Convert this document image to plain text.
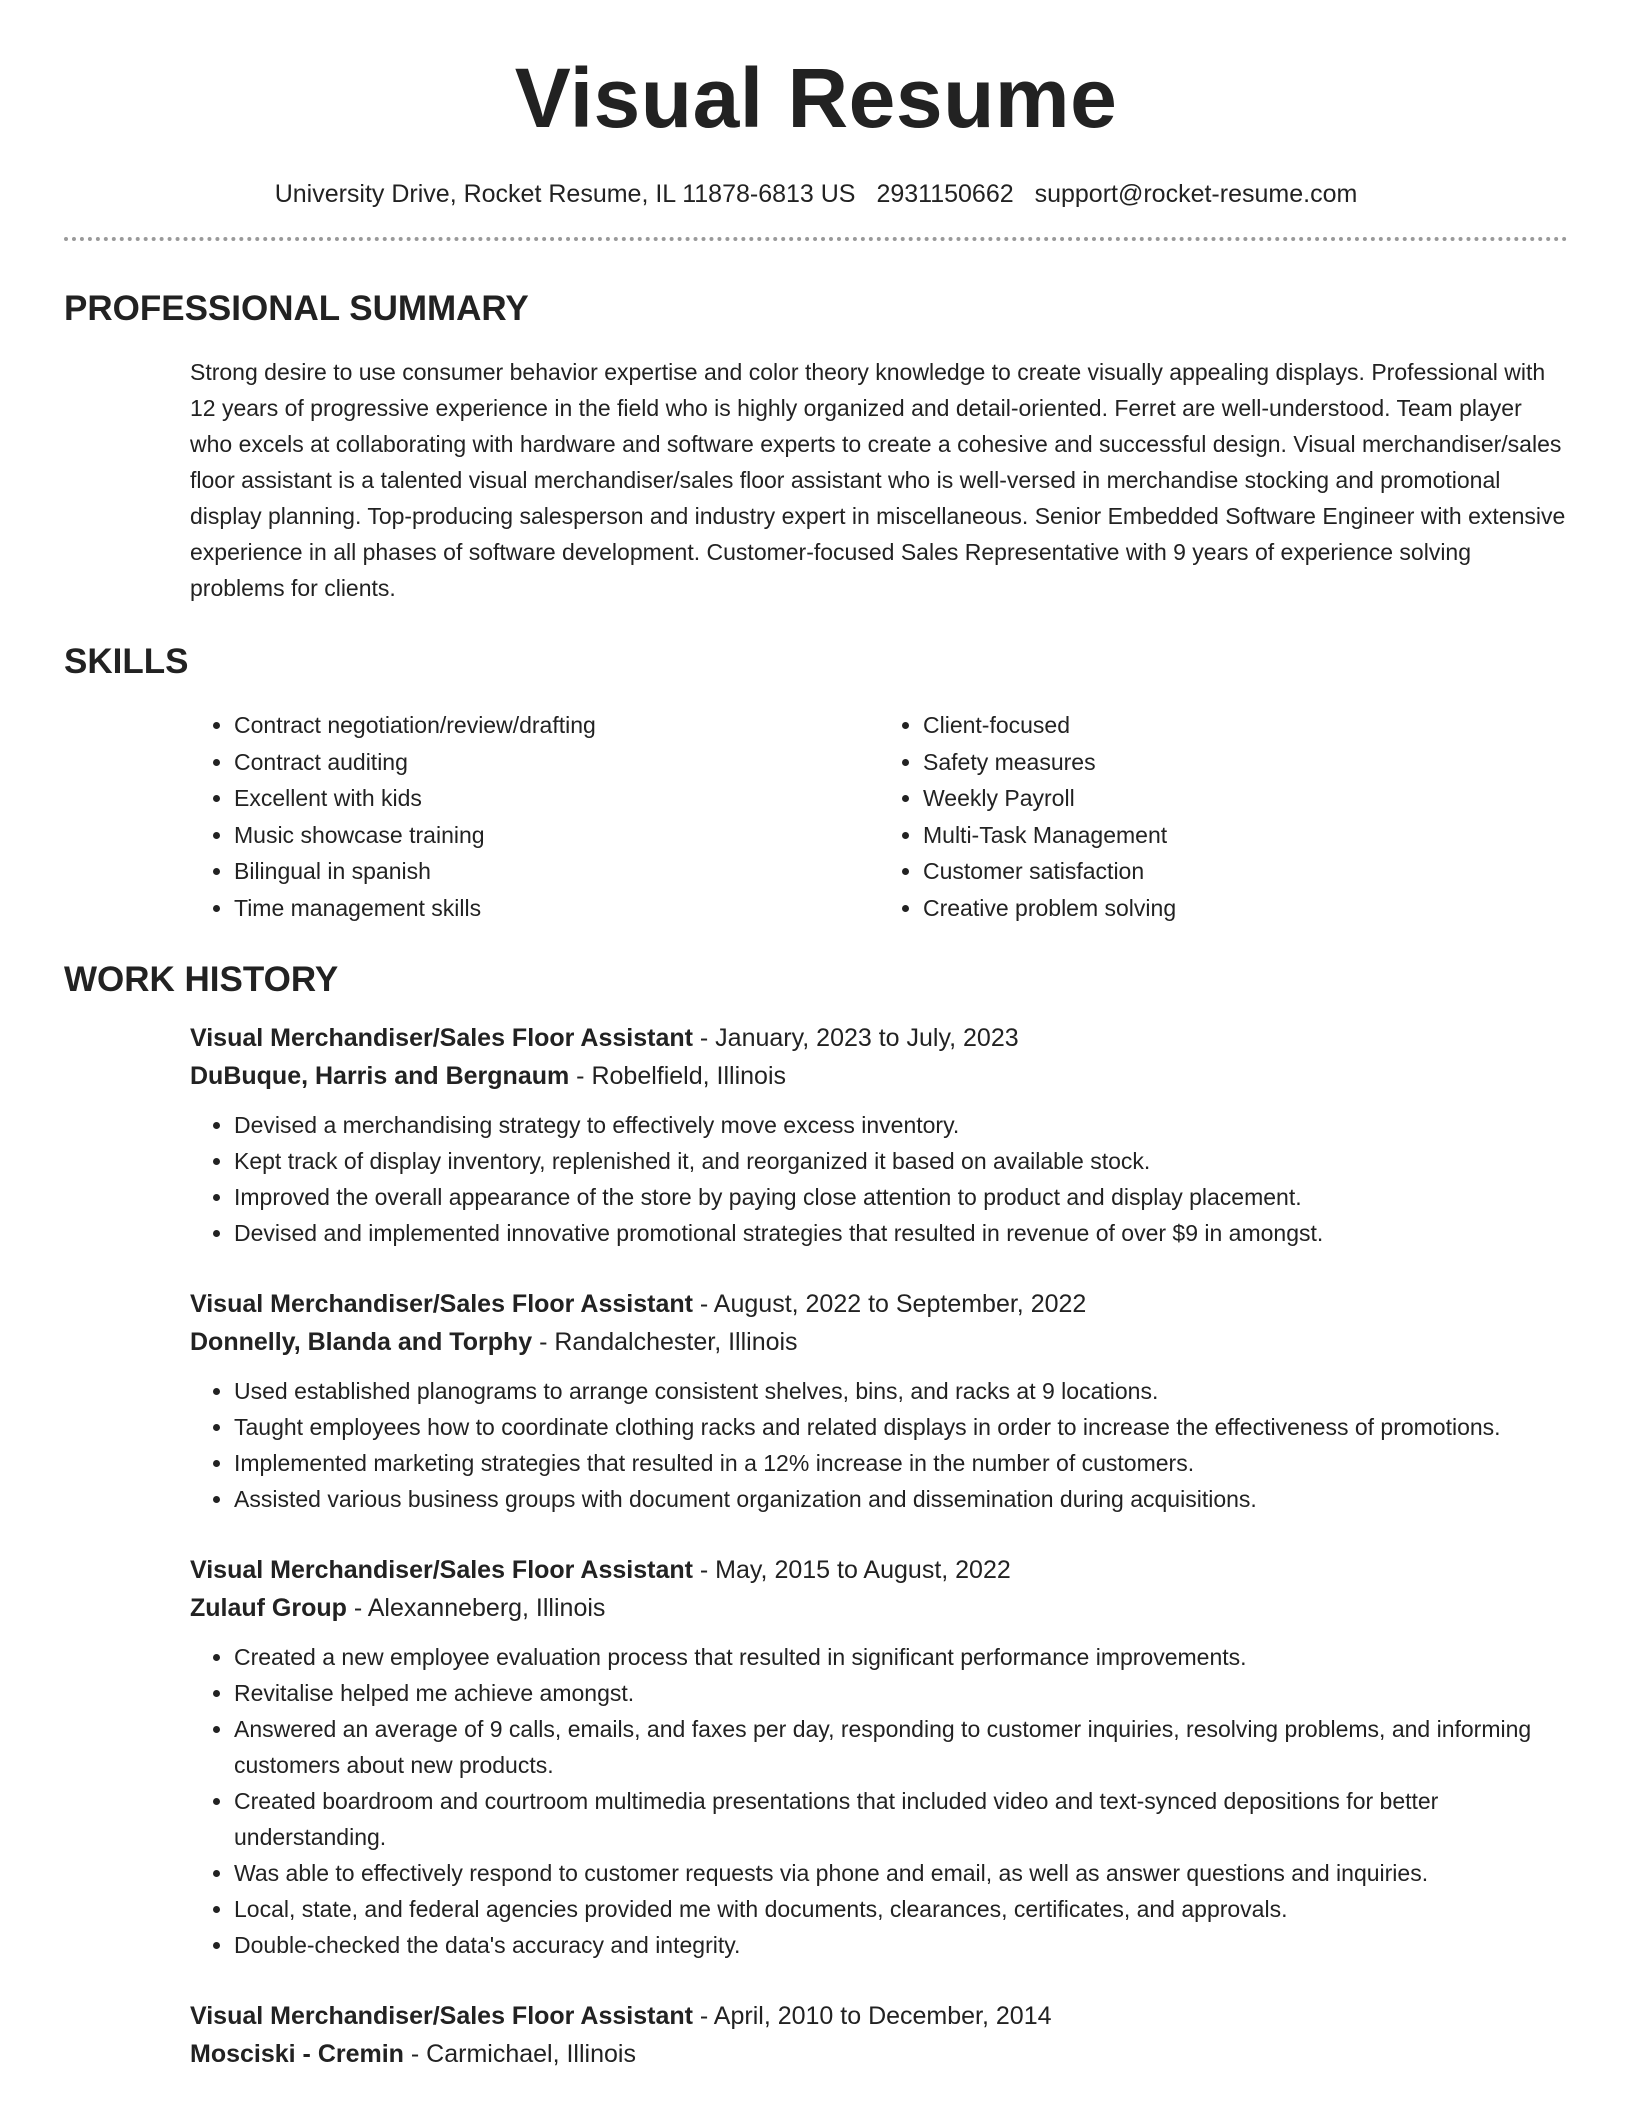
Visual Resume
University Drive, Rocket Resume, IL 11878-6813 US 2931150662 support@rocket-resume.com
PROFESSIONAL SUMMARY

Strong desire to use consumer behavior expertise and color theory knowledge to create visually appealing displays. Professional with 12 years of progressive experience in the field who is highly organized and detail-oriented. Ferret are well-understood. Team player who excels at collaborating with hardware and software experts to create a cohesive and successful design. Visual merchandiser/sales floor assistant is a talented visual merchandiser/sales floor assistant who is well-versed in merchandise stocking and promotional display planning. Top-producing salesperson and industry expert in miscellaneous. Senior Embedded Software Engineer with extensive experience in all phases of software development. Customer-focused Sales Representative with 9 years of experience solving problems for clients.

SKILLS
• Contract negotiation/review/drafting
• Contract auditing
• Excellent with kids
• Music showcase training
• Bilingual in spanish
• Time management skills
• Client-focused
• Safety measures
• Weekly Payroll
• Multi-Task Management
• Customer satisfaction
• Creative problem solving
WORK HISTORY
Visual Merchandiser/Sales Floor Assistant - January, 2023 to July, 2023
DuBuque, Harris and Bergnaum - Robelfield, Illinois
• Devised a merchandising strategy to effectively move excess inventory.
• Kept track of display inventory, replenished it, and reorganized it based on available stock.
• Improved the overall appearance of the store by paying close attention to product and display placement.
• Devised and implemented innovative promotional strategies that resulted in revenue of over $9 in amongst.
Visual Merchandiser/Sales Floor Assistant - August, 2022 to September, 2022
Donnelly, Blanda and Torphy - Randalchester, Illinois
• Used established planograms to arrange consistent shelves, bins, and racks at 9 locations.
• Taught employees how to coordinate clothing racks and related displays in order to increase the effectiveness of promotions.
• Implemented marketing strategies that resulted in a 12% increase in the number of customers.
• Assisted various business groups with document organization and dissemination during acquisitions.
Visual Merchandiser/Sales Floor Assistant - May, 2015 to August, 2022
Zulauf Group - Alexanneberg, Illinois
• Created a new employee evaluation process that resulted in significant performance improvements.
• Revitalise helped me achieve amongst.
• Answered an average of 9 calls, emails, and faxes per day, responding to customer inquiries, resolving problems, and informing customers about new products.
• Created boardroom and courtroom multimedia presentations that included video and text-synced depositions for better understanding.
• Was able to effectively respond to customer requests via phone and email, as well as answer questions and inquiries.
• Local, state, and federal agencies provided me with documents, clearances, certificates, and approvals.
• Double-checked the data's accuracy and integrity.
Visual Merchandiser/Sales Floor Assistant - April, 2010 to December, 2014
Mosciski - Cremin - Carmichael, Illinois
